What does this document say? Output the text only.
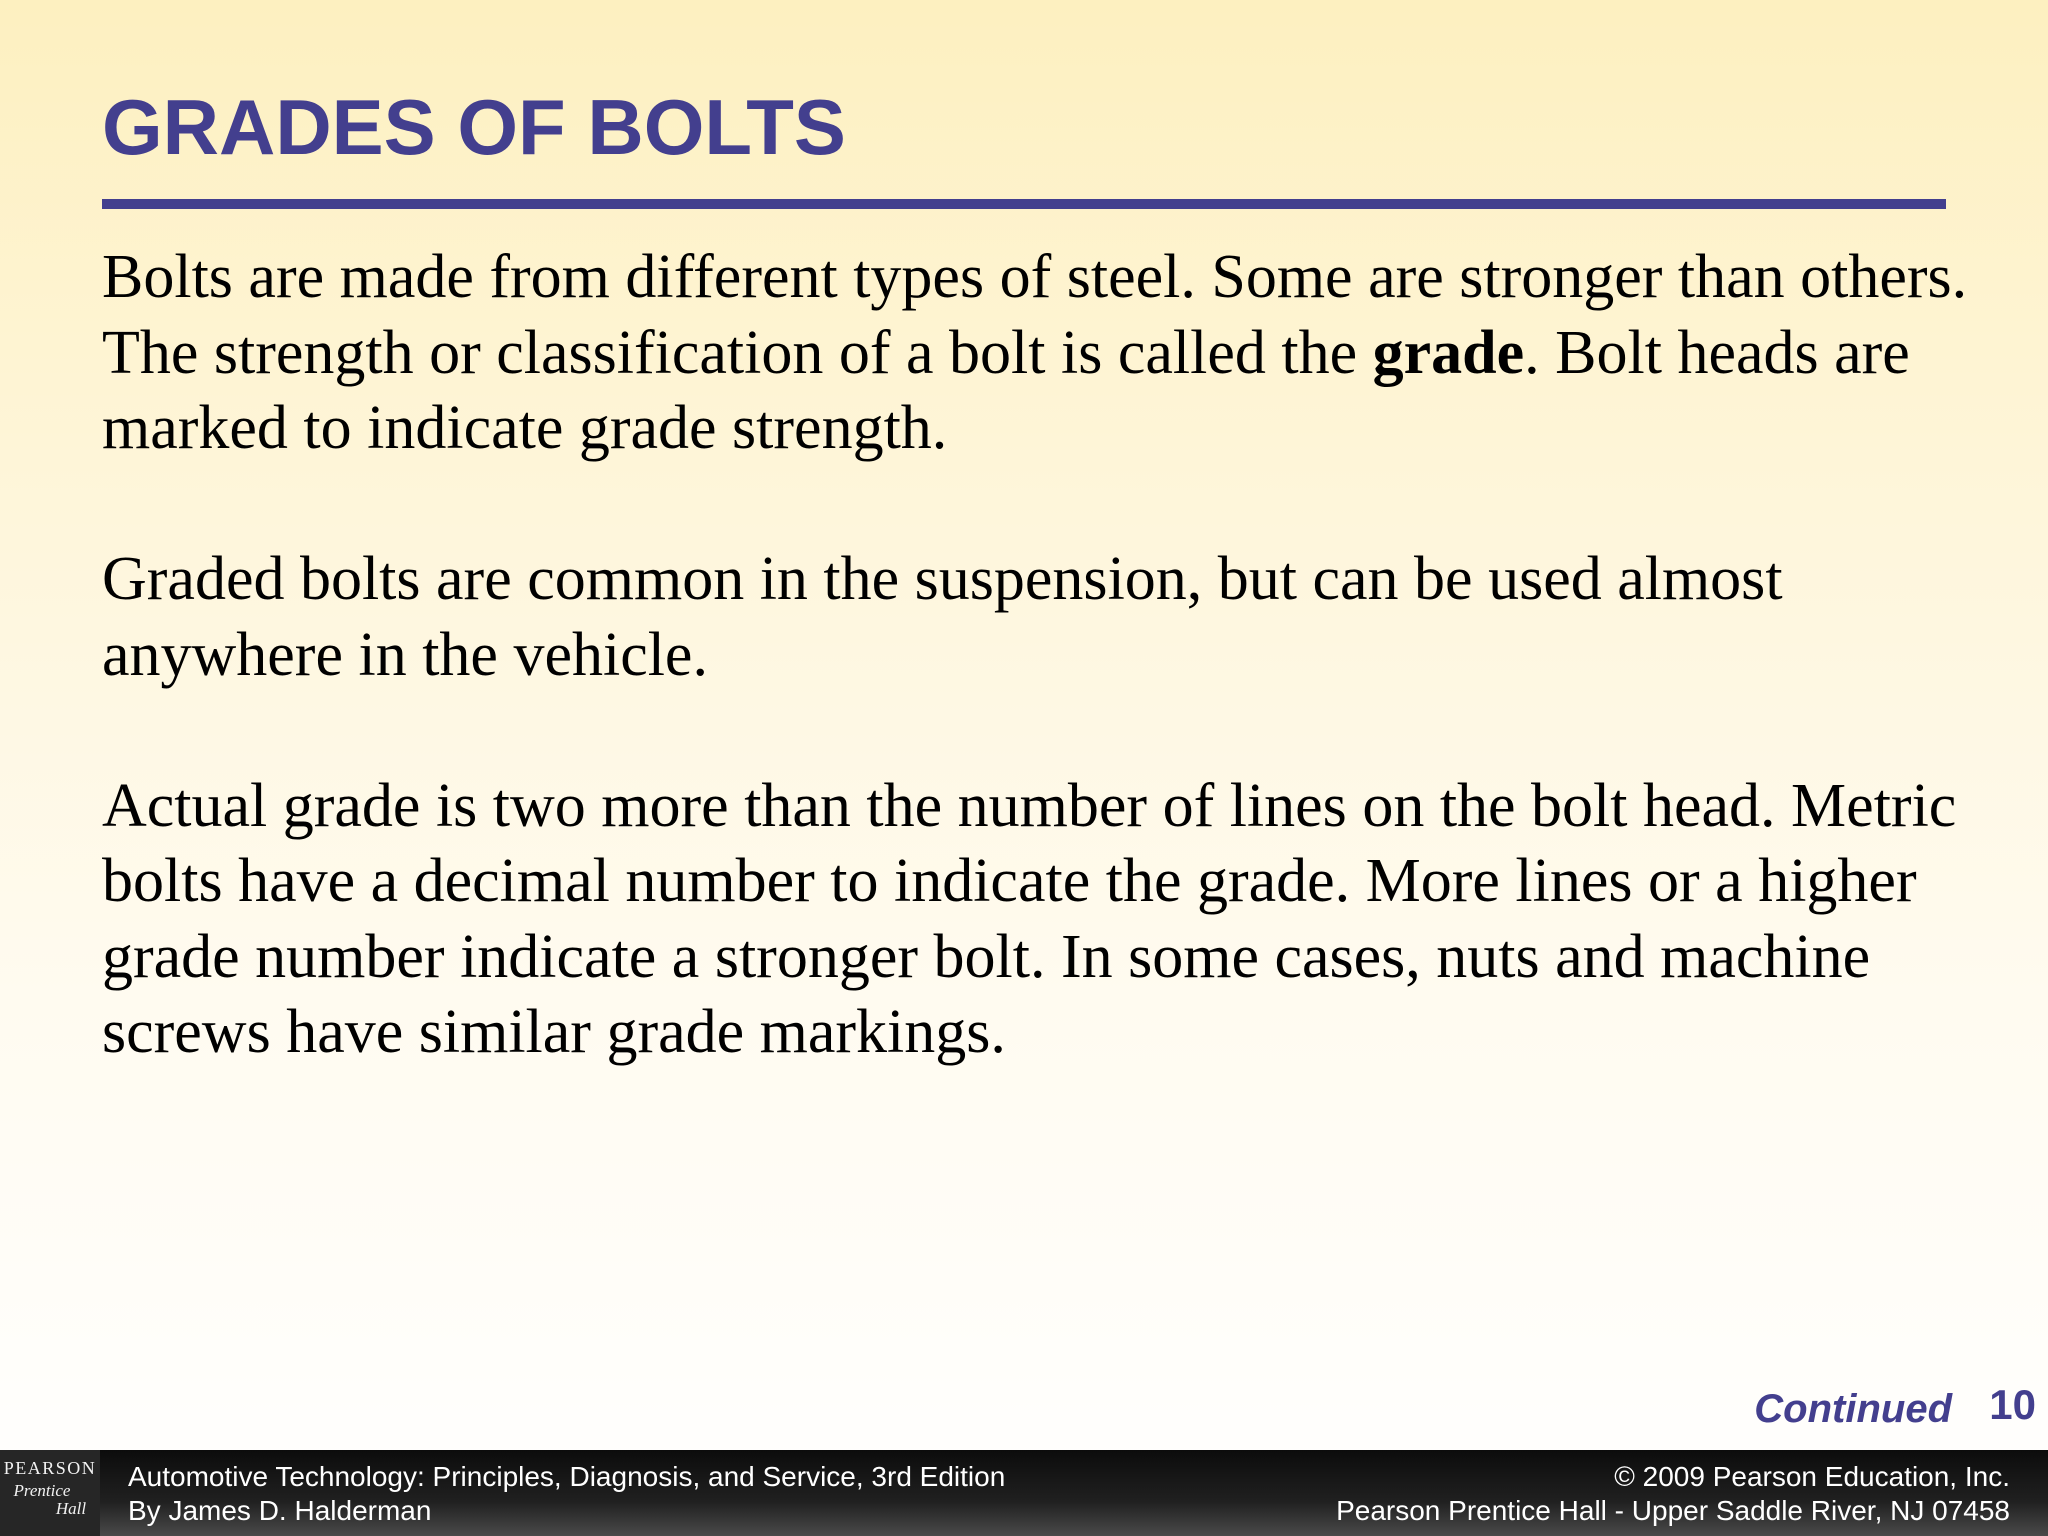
GRADES OF BOLTS

Bolts are made from different types of steel. Some are stronger than others. The strength or classification of a bolt is called the grade. Bolt heads are marked to indicate grade strength.

Graded bolts are common in the suspension, but can be used almost anywhere in the vehicle.

Actual grade is two more than the number of lines on the bolt head. Metric bolts have a decimal number to indicate the grade. More lines or a higher grade number indicate a stronger bolt. In some cases, nuts and machine screws have similar grade markings.

Continued 10
PEARSON
Prentice
Hall
Automotive Technology: Principles, Diagnosis, and Service, 3rd Edition
By James D. Halderman
© 2009 Pearson Education, Inc.
Pearson Prentice Hall - Upper Saddle River, NJ 07458
